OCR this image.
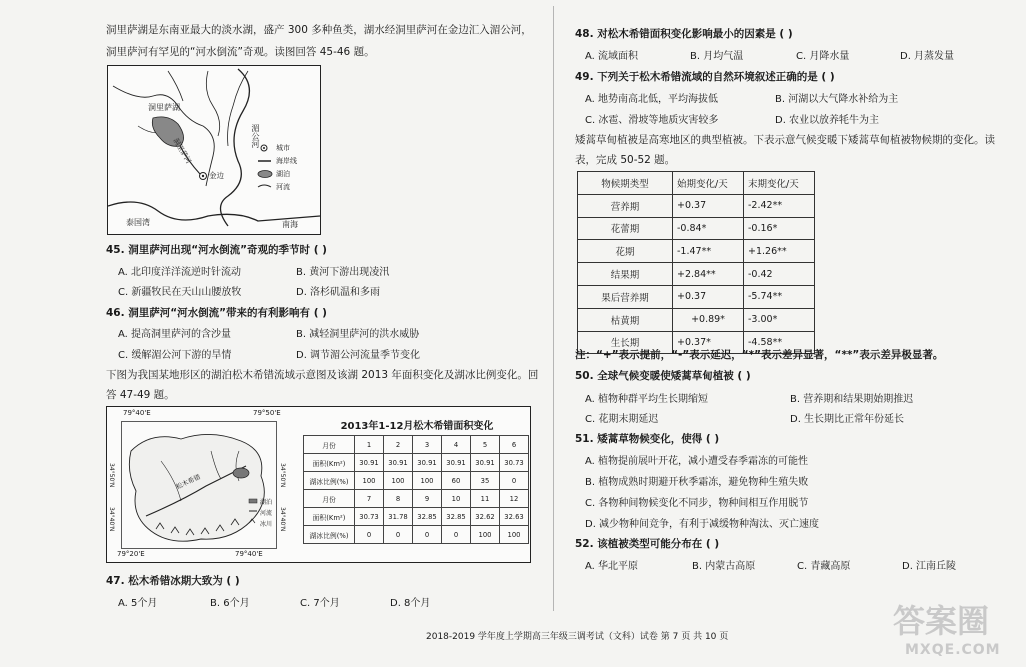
洞里萨湖是东南亚最大的淡水湖，盛产 300 多种鱼类，湖水经洞里萨河在金边汇入湄公河，
洞里萨河有罕见的“河水倒流”奇观。读图回答 45-46 题。
洞里萨湖
洞里萨河
湄公河
金边
泰国湾	南海
城市
海岸线
湖泊
河流
45. 洞里萨河出现“河水倒流”奇观的季节时 ( )
A. 北印度洋洋流逆时针流动	B. 黄河下游出现凌汛
C. 新疆牧民在天山山腰放牧	D. 洛杉矶温和多雨
46. 洞里萨河“河水倒流”带来的有利影响有 ( )
A. 提高洞里萨河的含沙量	B. 减轻洞里萨河的洪水威胁
C. 缓解湄公河下游的旱情	D. 调节湄公河流量季节变化
下图为我国某地形区的湖泊松木希错流域示意图及该湖 2013 年面积变化及湖冰比例变化。回
答 47-49 题。
79°40'E	79°50'E
79°20'E	79°40'E
34°50'N
34°40'N
34°50'N
34°40'N
松木希错
湖泊
河流
冰川
2013年1-12月松木希错面积变化
月份	1	2	3	4	5	6
面积(Km²)	30.91	30.91	30.91	30.91	30.91	30.73
湖冰比例(%)	100	100	100	60	35	0
月份	7	8	9	10	11	12
面积(Km²)	30.73	31.78	32.85	32.85	32.62	32.63
湖冰比例(%)	0	0	0	0	100	100
47. 松木希错冰期大致为 ( )
A. 5个月	B. 6个月	C. 7个月	D. 8个月
48. 对松木希错面积变化影响最小的因素是 ( )
A. 流域面积	B. 月均气温	C. 月降水量	D. 月蒸发量
49. 下列关于松木希错流域的自然环境叙述正确的是 ( )
A. 地势南高北低，平均海拔低	B. 河湖以大气降水补给为主
C. 冰雹、滑坡等地质灾害较多	D. 农业以放养牦牛为主
矮蒿草甸植被是高寒地区的典型植被。下表示意气候变暖下矮蒿草甸植被物候期的变化。读
表，完成 50-52 题。
物候期类型	始期变化/天	末期变化/天
营养期	+0.37	-2.42**
花蕾期	-0.84*	-0.16*
花期	-1.47**	+1.26**
结果期	+2.84**	-0.42
果后营养期	+0.37	-5.74**
枯黄期	+0.89*	-3.00*
生长期	+0.37*	-4.58**
注：“+”表示提前，“-”表示延迟，“*”表示差异显著，“**”表示差异极显著。
50. 全球气候变暖使矮蒿草甸植被 ( )
A. 植物种群平均生长期缩短	B. 营养期和结果期始期推迟
C. 花期末期延迟	D. 生长期比正常年份延长
51. 矮蒿草物候变化，使得 ( )
A. 植物提前展叶开花，减小遭受春季霜冻的可能性
B. 植物成熟时期避开秋季霜冻，避免物种生殖失败
C. 各物种间物候变化不同步，物种间相互作用脱节
D. 减少物种间竞争，有利于减缓物种淘汰、灭亡速度
52. 该植被类型可能分布在 ( )
A. 华北平原	B. 内蒙古高原	C. 青藏高原	D. 江南丘陵
2018-2019 学年度上学期高三年级三调考试（文科）试卷 第 7 页 共 10 页	答案圈
MXQE.COM
